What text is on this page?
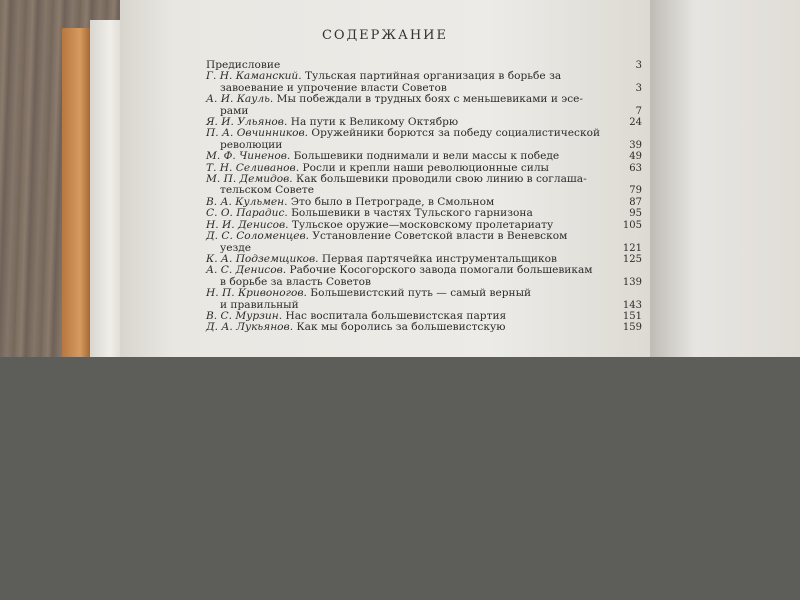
СОДЕРЖАНИЕ

Предисловие	3

Г. Н. Каманский. Тульская партийная организация в борьбе за
завоевание и упрочение власти Советов	3

А. И. Кауль. Мы побеждали в трудных боях с меньшевиками и эсе-
рами	7

Я. И. Ульянов. На пути к Великому Октябрю	24

П. А. Овчинников. Оружейники борются за победу социалистической
революции	39

М. Ф. Чиненов. Большевики поднимали и вели массы к победе	49

Т. Н. Селиванов. Росли и крепли наши революционные силы	63

М. П. Демидов. Как большевики проводили свою линию в соглаша-
тельском Совете	79

В. А. Кульмен. Это было в Петрограде, в Смольном	87

С. О. Парадис. Большевики в частях Тульского гарнизона	95

Н. И. Денисов. Тульское оружие—московскому пролетариату	105

Д. С. Соломенцев. Установление Советской власти в Веневском
уезде	121

К. А. Подземщиков. Первая партячейка инструментальщиков	125

А. С. Денисов. Рабочие Косогорского завода помогали большевикам
в борьбе за власть Советов	139

Н. П. Кривоногов. Большевистский путь — самый верный
и правильный	143

В. С. Мурзин. Нас воспитала большевистская партия	151

Д. А. Лукьянов. Как мы боролись за большевистскую	159
